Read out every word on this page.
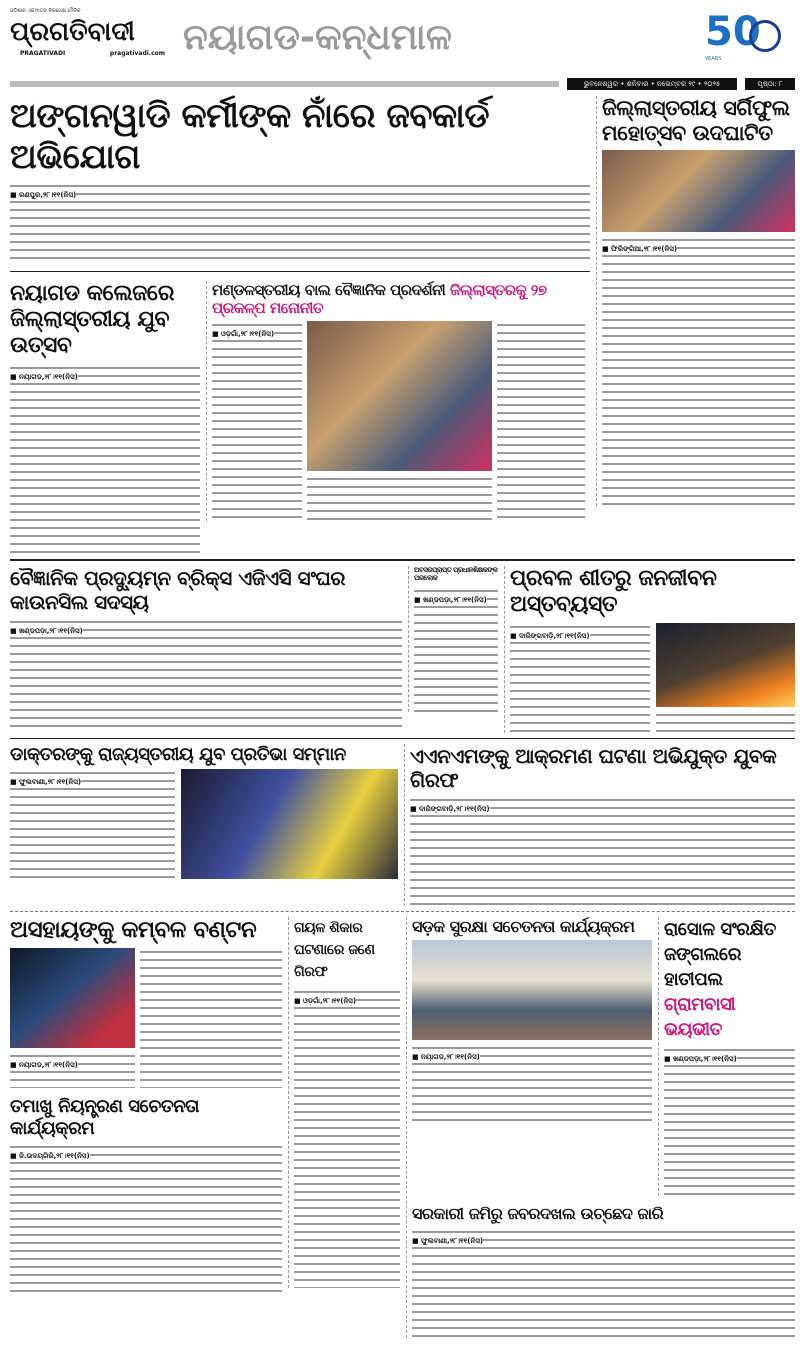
ଓଡ଼ିଶାର ଏକମାତ୍ର ନିରପେକ୍ଷ ଦୈନିକ
ପ୍ରଗତିବାଦୀ
PRAGATIVADI	pragativadi.com ନୟାଗଡ-କନ୍ଧମାଳ	50
YEARS
ଭୁବନେଶ୍ୱର • ଶନିବାର • ନଭେମ୍ବର ୨୯ • ୨୦୨୫	ପୃଷ୍ଠା: ୮
ଅଙ୍ଗନୱାଡି କର୍ମୀଙ୍କ ନାଁରେ ଜବକାର୍ଡ ଅଭିଯୋଗ
■ ରଣପୁର,୨୮।୧୧(ନିସ)
ନୟାଗଡ କଲେଜରେ ଜିଲ୍ଲାସ୍ତରୀୟ ଯୁବ ଉତ୍ସବ
■ ନୟାଗଡ,୨୮।୧୧(ନିସ)
ମଣ୍ଡଳସ୍ତରୀୟ ବାଲ ବୈଜ୍ଞାନିକ ପ୍ରଦର୍ଶନୀ ଜିଲ୍ଲାସ୍ତରକୁ ୨୭ ପ୍ରକଳ୍ପ ମନୋନୀତ
■ ଓଡ଼ଗାଁ,୨୮।୧୧(ନିସ)
ଜିଲ୍ଲାସ୍ତରୀୟ ସର୍ଗିଫୁଲ ମହୋତ୍ସବ ଉଦଘାଟିତ
■ ଫିରିଙ୍ଗିଆ,୨୮।୧୧(ନିସ)
ବୈଜ୍ଞାନିକ ପ୍ରଦ୍ୟୁମ୍ନ ବ୍ରିକ୍ସ ଏଜିଏସି ସଂଘର କାଉନସିଲ ସଦସ୍ୟ
■ ଖଣ୍ଡପଡ଼ା,୨୮।୧୧(ନିସ)
ଅବସରପ୍ରାପ୍ତ ପ୍ରଧାନଶିକ୍ଷକଙ୍କ ପରଲୋକ
■ ଖଣ୍ଡପଡ଼ା,୨୮।୧୧(ନିସ)
ପ୍ରବଳ ଶୀତରୁ ଜନଜୀବନ ଅସ୍ତବ୍ୟସ୍ତ
■ ଦାରିଙ୍ଗବାଡ଼ି,୨୮।୧୧(ନିସ)
ଡାକ୍ତରଙ୍କୁ ରାଜ୍ୟସ୍ତରୀୟ ଯୁବ ପ୍ରତିଭା ସମ୍ମାନ
■ ଫୁଲବାଣୀ,୨୮।୧୧(ନିସ)
ଏଏନଏମଙ୍କୁ ଆକ୍ରମଣ ଘଟଣା ଅଭିଯୁକ୍ତ ଯୁବକ ଗିରଫ
■ ଦାରିଙ୍ଗବାଡ଼ି,୨୮।୧୧(ନିସ)
ଅସହାୟଙ୍କୁ କମ୍ବଳ ବଣ୍ଟନ
■ ନୟାଗଡ,୨୮।୧୧(ନିସ)
ତମାଖୁ ନିୟନ୍ତ୍ରଣ ସଚେତନତା କାର୍ଯ୍ୟକ୍ରମ
■ ଜି.ଉଦୟଗିରି,୨୮।୧୧(ନିସ)
ଗୟଳ ଶିକାର ଘଟଣାରେ ଜଣେ ଗିରଫ
■ ଓଡ଼ଗାଁ,୨୮।୧୧(ନିସ)
ସଡ଼କ ସୁରକ୍ଷା ସଚେତନତା କାର୍ଯ୍ୟକ୍ରମ
■ ନୟାଗଡ,୨୮।୧୧(ନିସ)
ରାସୋଳ ସଂରକ୍ଷିତ ଜଙ୍ଗଲରେ ହାତୀପଲ
ଗ୍ରାମବାସୀ ଭୟଭୀତ
■ ଖଣ୍ଡପଡ଼ା,୨୮।୧୧(ନିସ)
ସରକାରୀ ଜମିରୁ ଜବରଦଖଲ ଉଚ୍ଛେଦ ଜାରି
■ ଫୁଲବାଣୀ,୨୮।୧୧(ନିସ)
